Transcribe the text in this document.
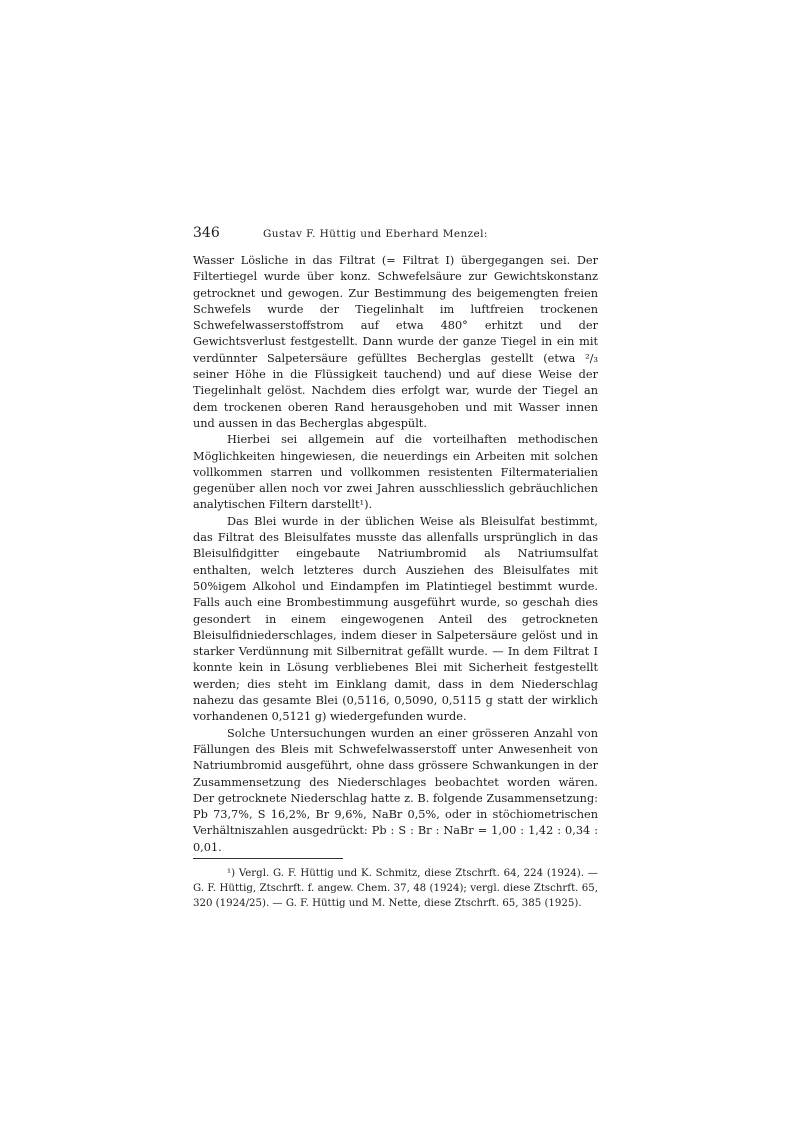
346	Gustav F. Hüttig und Eberhard Menzel:

Wasser Lösliche in das Filtrat (= Filtrat I) übergegangen sei. Der Filtertiegel wurde über konz. Schwefelsäure zur Gewichtskonstanz getrocknet und gewogen. Zur Bestimmung des beigemengten freien Schwefels wurde der Tiegelinhalt im luftfreien trockenen Schwefelwasserstoffstrom auf etwa 480° erhitzt und der Gewichtsverlust festgestellt. Dann wurde der ganze Tiegel in ein mit verdünnter Salpetersäure gefülltes Becherglas gestellt (etwa ²/₃ seiner Höhe in die Flüssigkeit tauchend) und auf diese Weise der Tiegelinhalt gelöst. Nachdem dies erfolgt war, wurde der Tiegel an dem trockenen oberen Rand herausgehoben und mit Wasser innen und aussen in das Becherglas abgespült.

Hierbei sei allgemein auf die vorteilhaften methodischen Möglichkeiten hingewiesen, die neuerdings ein Arbeiten mit solchen vollkommen starren und vollkommen resistenten Filtermaterialien gegenüber allen noch vor zwei Jahren ausschliesslich gebräuchlichen analytischen Filtern darstellt¹).

Das Blei wurde in der üblichen Weise als Bleisulfat bestimmt, das Filtrat des Bleisulfates musste das allenfalls ursprünglich in das Bleisulfidgitter eingebaute Natriumbromid als Natriumsulfat enthalten, welch letzteres durch Ausziehen des Bleisulfates mit 50%igem Alkohol und Eindampfen im Platintiegel bestimmt wurde. Falls auch eine Brombestimmung ausgeführt wurde, so geschah dies gesondert in einem eingewogenen Anteil des getrockneten Bleisulfidniederschlages, indem dieser in Salpetersäure gelöst und in starker Verdünnung mit Silbernitrat gefällt wurde. — In dem Filtrat I konnte kein in Lösung verbliebenes Blei mit Sicherheit festgestellt werden; dies steht im Einklang damit, dass in dem Niederschlag nahezu das gesamte Blei (0,5116, 0,5090, 0,5115 g statt der wirklich vorhandenen 0,5121 g) wiedergefunden wurde.

Solche Untersuchungen wurden an einer grösseren Anzahl von Fällungen des Bleis mit Schwefelwasserstoff unter Anwesenheit von Natriumbromid ausgeführt, ohne dass grössere Schwankungen in der Zusammensetzung des Niederschlages beobachtet worden wären. Der getrocknete Niederschlag hatte z. B. folgende Zusammensetzung: Pb 73,7%, S 16,2%, Br 9,6%, NaBr 0,5%, oder in stöchiometrischen Verhältniszahlen ausgedrückt: Pb : S : Br : NaBr = 1,00 : 1,42 : 0,34 : 0,01.

¹) Vergl. G. F. Hüttig und K. Schmitz, diese Ztschrft. 64, 224 (1924). — G. F. Hüttig, Ztschrft. f. angew. Chem. 37, 48 (1924); vergl. diese Ztschrft. 65, 320 (1924/25). — G. F. Hüttig und M. Nette, diese Ztschrft. 65, 385 (1925).
